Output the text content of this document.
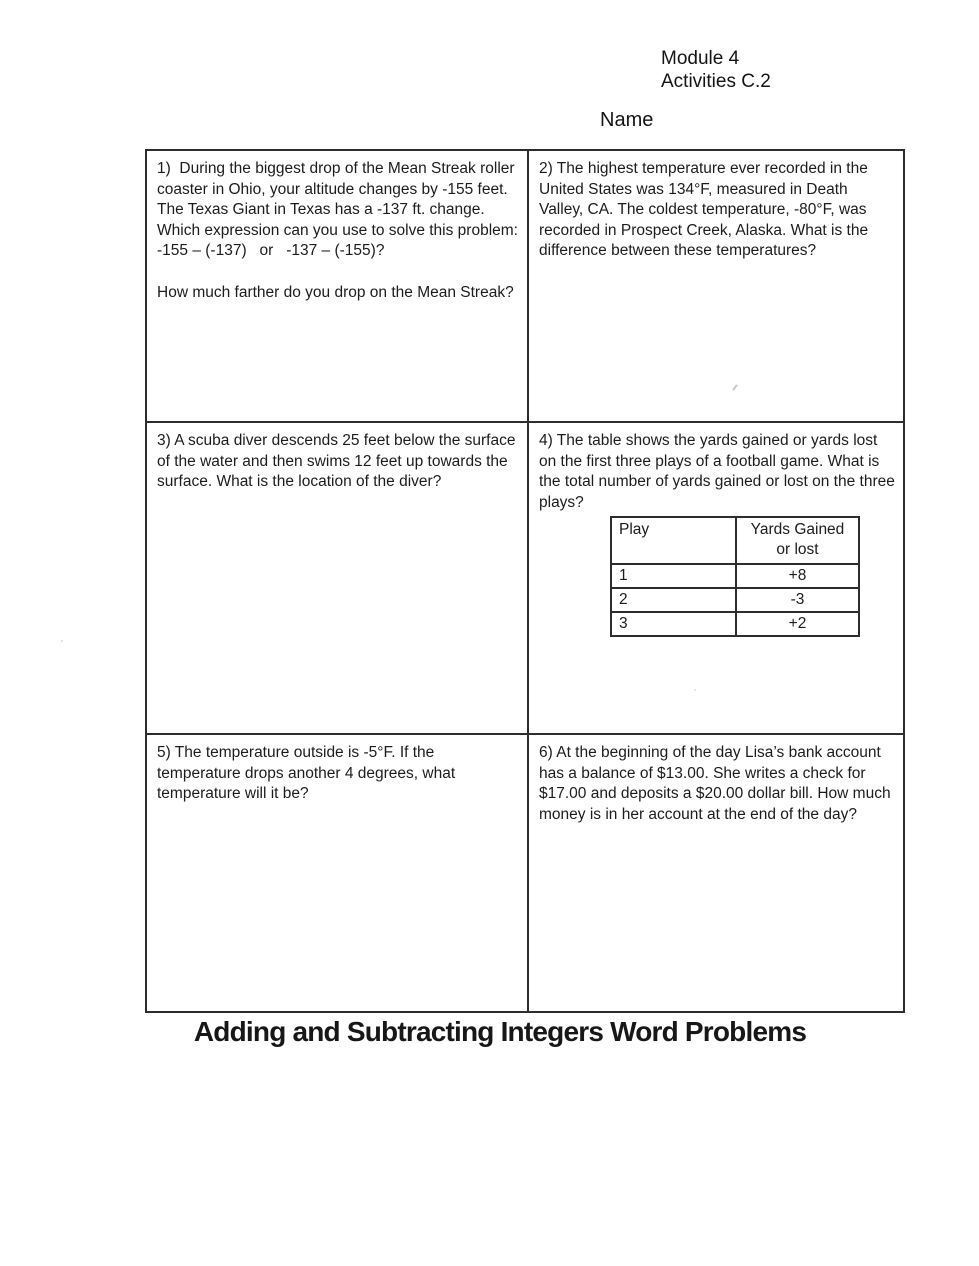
Module 4
Activities C.2
Name

1)  During the biggest drop of the Mean Streak roller coaster in Ohio, your altitude changes by -155 feet. The Texas Giant in Texas has a -137 ft. change. Which expression can you use to solve this problem:

-155 – (-137)   or   -137 – (-155)?

How much farther do you drop on the Mean Streak?

2) The highest temperature ever recorded in the United States was 134°F, measured in Death Valley, CA. The coldest temperature, -80°F, was recorded in Prospect Creek, Alaska. What is the difference between these temperatures?

3) A scuba diver descends 25 feet below the surface of the water and then swims 12 feet up towards the surface. What is the location of the diver?

4) The table shows the yards gained or yards lost on the first three plays of a football game. What is the total number of yards gained or lost on the three plays?

Play	Yards Gained
or lost

1	+8
2	-3
3	+2

5) The temperature outside is -5°F. If the temperature drops another 4 degrees, what temperature will it be?

6) At the beginning of the day Lisa’s bank account has a balance of $13.00. She writes a check for $17.00 and deposits a $20.00 dollar bill. How much money is in her account at the end of the day?

Adding and Subtracting Integers Word Problems
